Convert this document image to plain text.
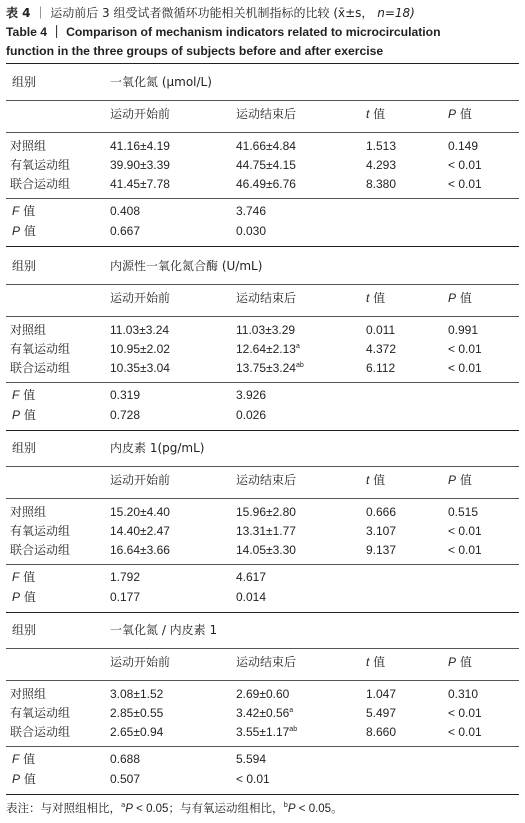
表 4 ｜ 运动前后 3 组受试者微循环功能相关机制指标的比较 (x̄±s， n=18)
Table 4 ｜ Comparison of mechanism indicators related to microcirculation
function in the three groups of subjects before and after exercise
表注：与对照组相比，$^a$P < 0.05；与有氧运动组相比，$^b$P < 0.05。
组别	一氧化氮 (μmol/L)
运动开始前	运动结束后	t 值	P 值
对照组	41.16±4.19	41.66±4.84	1.513	0.149
有氧运动组	39.90±3.39	44.75±4.15	4.293	< 0.01
联合运动组	41.45±7.78	46.49±6.76	8.380	< 0.01
F 值	0.408	3.746
P 值	0.667	0.030
组别	内源性一氧化氮合酶 (U/mL)
运动开始前	运动结束后	t 值	P 值
对照组	11.03±3.24	11.03±3.29	0.011	0.991
有氧运动组	10.95±2.02	12.64±2.13$^a$	4.372	< 0.01
联合运动组	10.35±3.04	13.75±3.24$^{ab}$	6.112	< 0.01
F 值	0.319	3.926
P 值	0.728	0.026
组别	内皮素 1(pg/mL)
运动开始前	运动结束后	t 值	P 值
对照组	15.20±4.40	15.96±2.80	0.666	0.515
有氧运动组	14.40±2.47	13.31±1.77	3.107	< 0.01
联合运动组	16.64±3.66	14.05±3.30	9.137	< 0.01
F 值	1.792	4.617
P 值	0.177	0.014
组别	一氧化氮 / 内皮素 1
运动开始前	运动结束后	t 值	P 值
对照组	3.08±1.52	2.69±0.60	1.047	0.310
有氧运动组	2.85±0.55	3.42±0.56$^a$	5.497	< 0.01
联合运动组	2.65±0.94	3.55±1.17$^{ab}$	8.660	< 0.01
F 值	0.688	5.594
P 值	0.507	< 0.01
